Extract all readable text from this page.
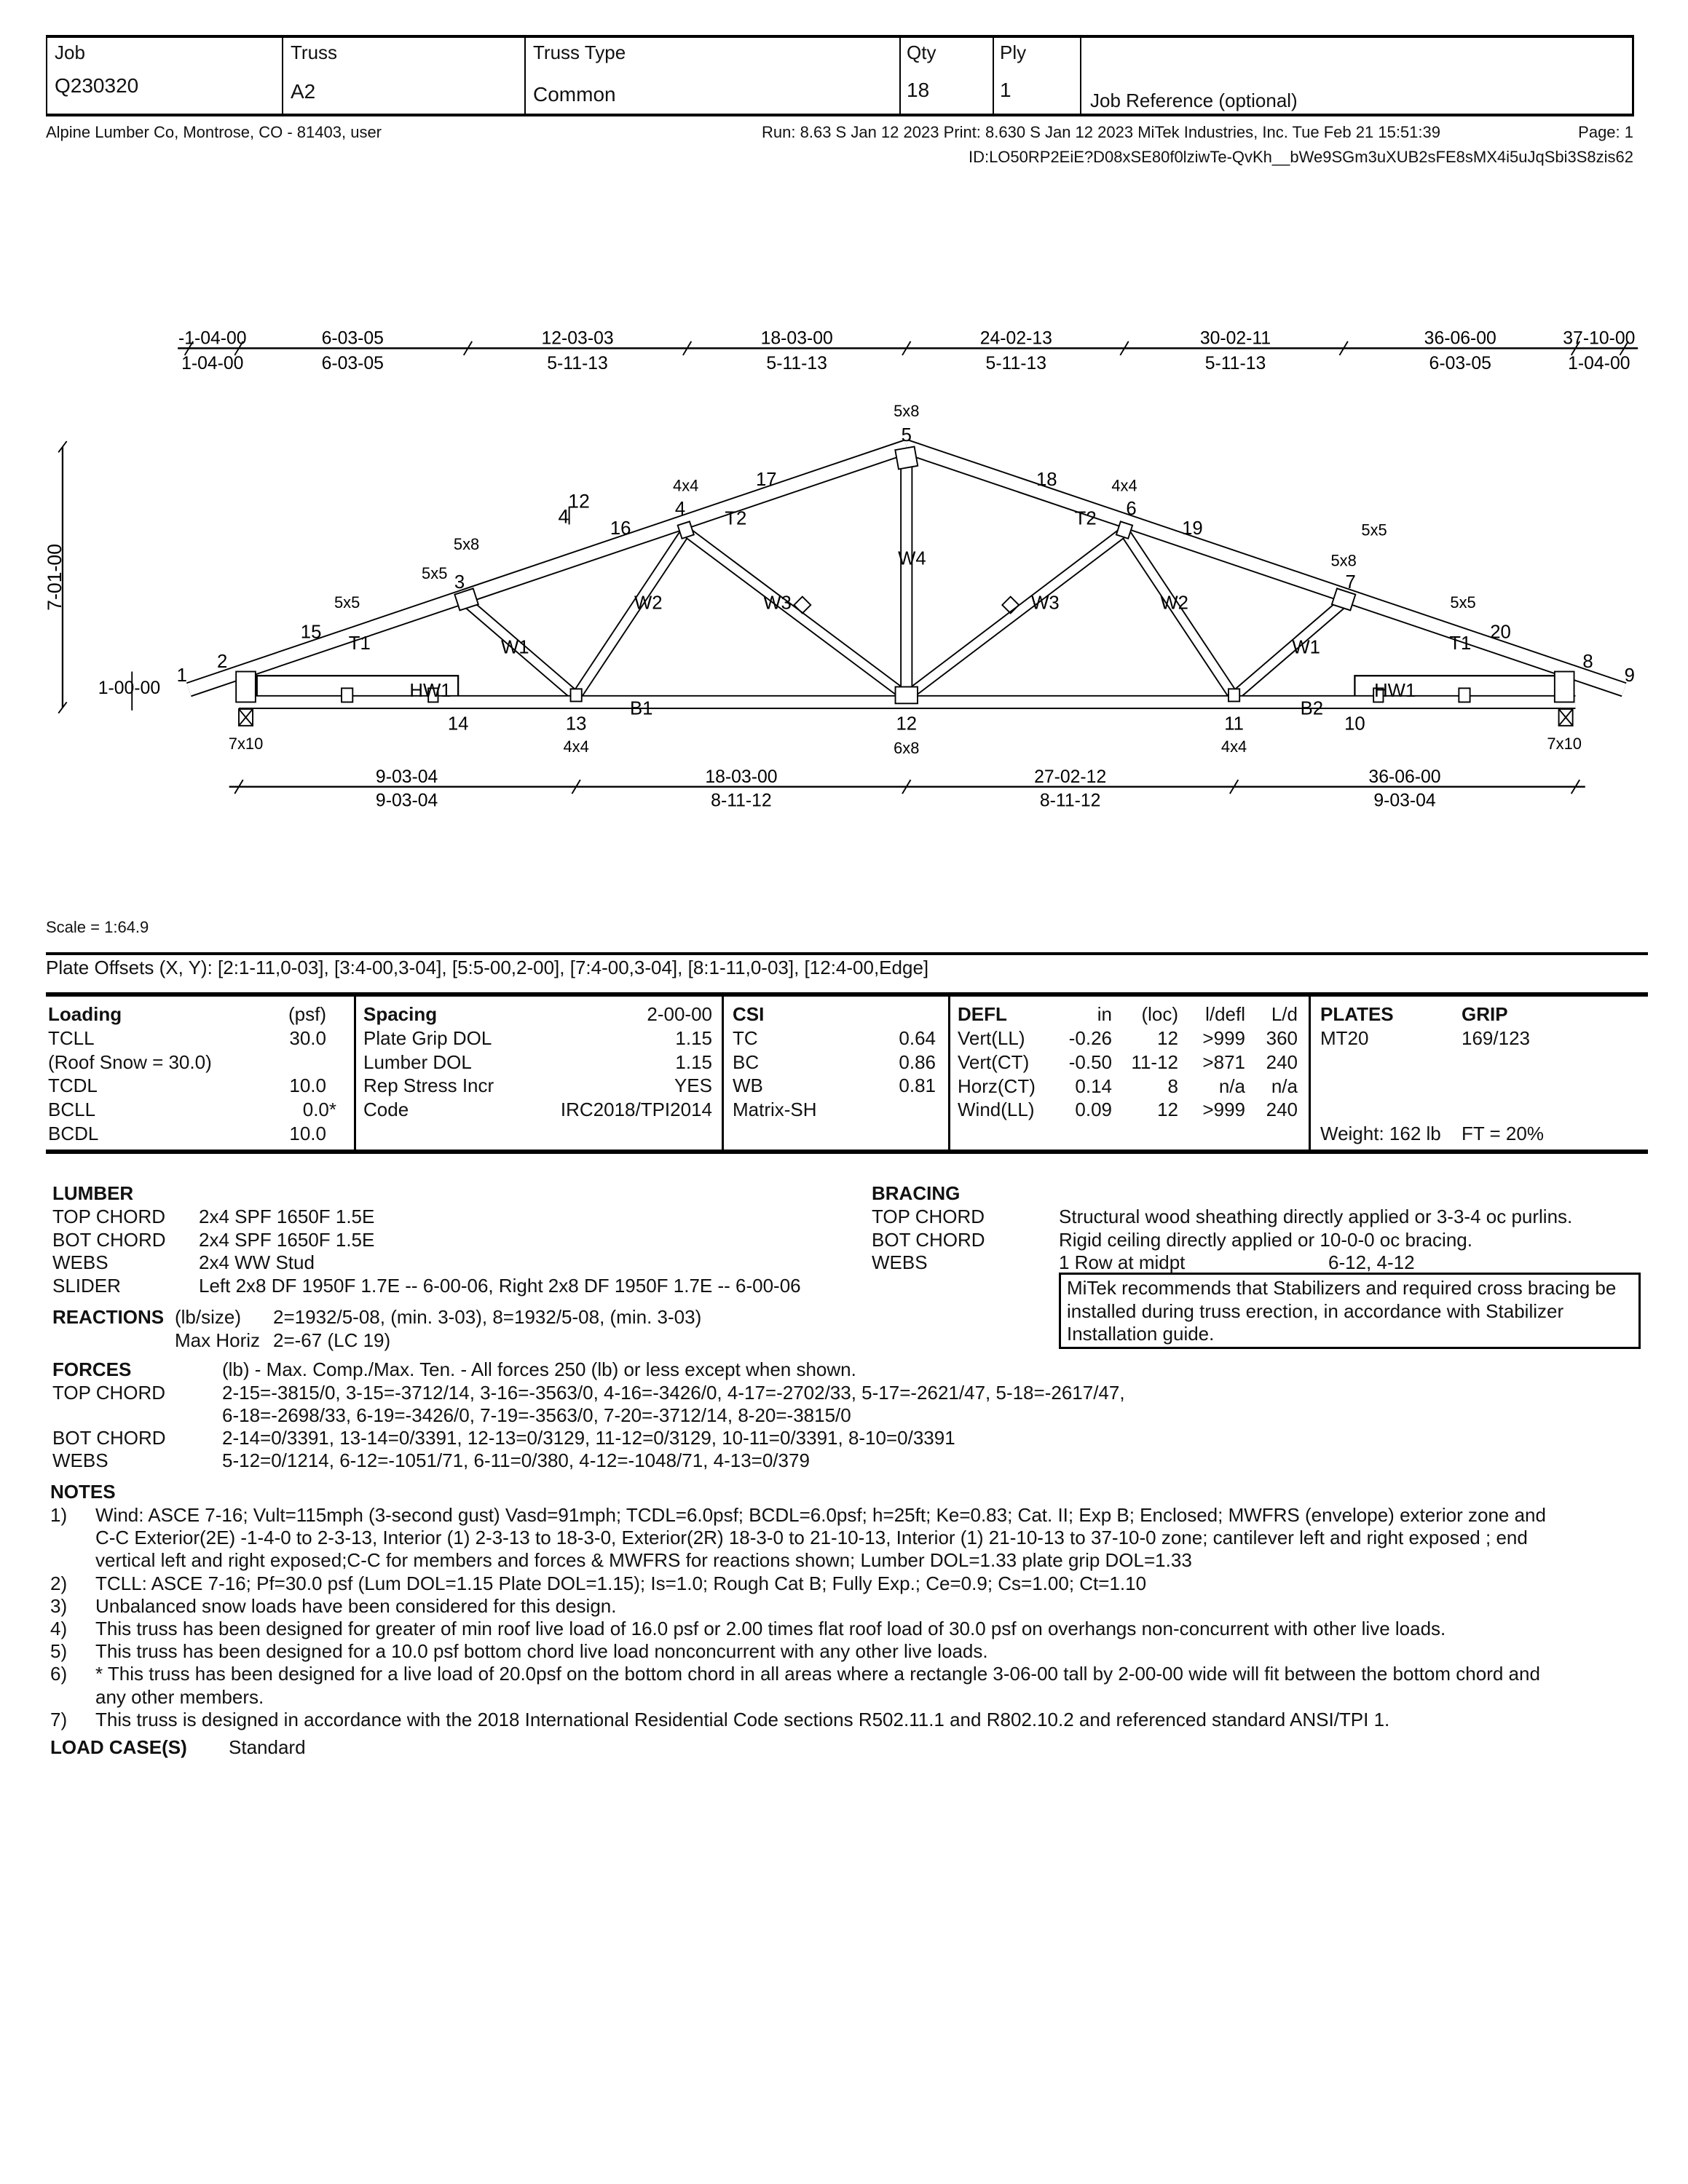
Job
Q230320
Truss
A2
Truss Type
Common
Qty
18
Ply
1	Job Reference (optional)
Alpine Lumber Co, Montrose, CO - 81403, user	Run: 8.63 S Jan 12 2023 Print: 8.630 S Jan 12 2023 MiTek Industries, Inc. Tue Feb 21 15:51:39	Page: 1
ID:LO50RP2EiE?D08xSE80f0lziwTe-QvKh__bWe9SGm3uXUB2sFE8sMX4i5uJqSbi3S8zis62
-1-04-00
1-04-00
6-03-05
6-03-05
12-03-03
5-11-13
18-03-00
5-11-13
24-02-13
5-11-13
30-02-11
5-11-13
36-06-00
6-03-05
37-10-00
1-04-00
9-03-04
9-03-04
18-03-00
8-11-12
27-02-12
8-11-12
36-06-00
9-03-04
7-01-00
1-00-00
12
4
5x8
5
4x4
4
17
T2
16
5x8
5x5 3
5x5
15
T1
2
1
W1
W2	W3
W4
18	4x4
6
T2	19	5x5
5x8
7
W3	W2
W1
5x5
20
T1
8
9
HW1	HW1
B1	B2
14	13	12	11	10
7x10	4x4	6x8	4x4	7x10
Scale = 1:64.9
Plate Offsets (X, Y): [2:1-11,0-03], [3:4-00,3-04], [5:5-00,2-00], [7:4-00,3-04], [8:1-11,0-03], [12:4-00,Edge]
Loading	(psf)
TCLL	30.0
(Roof Snow = 30.0)
TCDL	10.0
BCLL	0.0*
BCDL	10.0
Spacing	2-00-00
Plate Grip DOL	1.15
Lumber DOL	1.15
Rep Stress Incr	YES
Code	IRC2018/TPI2014
CSI
TC	0.64
BC	0.86
WB	0.81
Matrix-SH
DEFL	in (loc) l/defl L/d
Vert(LL) -0.26 12 >999 360
Vert(CT) -0.50 11-12 >871 240
Horz(CT) 0.14	8 n/a n/a
Wind(LL) 0.09 12 >999 240
PLATES	GRIP
MT20	169/123
Weight: 162 lb FT = 20%
LUMBER
TOP CHORD 2x4 SPF 1650F 1.5E
BOT CHORD 2x4 SPF 1650F 1.5E
WEBS	2x4 WW Stud
SLIDER	Left 2x8 DF 1950F 1.7E -- 6-00-06, Right 2x8 DF 1950F 1.7E -- 6-00-06
BRACING
TOP CHORD	Structural wood sheathing directly applied or 3-3-4 oc purlins.
BOT CHORD	Rigid ceiling directly applied or 10-0-0 oc bracing.
WEBS	1 Row at midpt	6-12, 4-12
MiTek recommends that Stabilizers and required cross bracing be
installed during truss erection, in accordance with Stabilizer
Installation guide.
REACTIONS (lb/size) 2=1932/5-08, (min. 3-03), 8=1932/5-08, (min. 3-03)
Max Horiz 2=-67 (LC 19)
FORCES	(lb) - Max. Comp./Max. Ten. - All forces 250 (lb) or less except when shown.
TOP CHORD	2-15=-3815/0, 3-15=-3712/14, 3-16=-3563/0, 4-16=-3426/0, 4-17=-2702/33, 5-17=-2621/47, 5-18=-2617/47,
6-18=-2698/33, 6-19=-3426/0, 7-19=-3563/0, 7-20=-3712/14, 8-20=-3815/0
BOT CHORD	2-14=0/3391, 13-14=0/3391, 12-13=0/3129, 11-12=0/3129, 10-11=0/3391, 8-10=0/3391
WEBS	5-12=0/1214, 6-12=-1051/71, 6-11=0/380, 4-12=-1048/71, 4-13=0/379
NOTES
1) Wind: ASCE 7-16; Vult=115mph (3-second gust) Vasd=91mph; TCDL=6.0psf; BCDL=6.0psf; h=25ft; Ke=0.83; Cat. II; Exp B; Enclosed; MWFRS (envelope) exterior zone and
C-C Exterior(2E) -1-4-0 to 2-3-13, Interior (1) 2-3-13 to 18-3-0, Exterior(2R) 18-3-0 to 21-10-13, Interior (1) 21-10-13 to 37-10-0 zone; cantilever left and right exposed ; end
vertical left and right exposed;C-C for members and forces & MWFRS for reactions shown; Lumber DOL=1.33 plate grip DOL=1.33
2) TCLL: ASCE 7-16; Pf=30.0 psf (Lum DOL=1.15 Plate DOL=1.15); Is=1.0; Rough Cat B; Fully Exp.; Ce=0.9; Cs=1.00; Ct=1.10
3) Unbalanced snow loads have been considered for this design.
4) This truss has been designed for greater of min roof live load of 16.0 psf or 2.00 times flat roof load of 30.0 psf on overhangs non-concurrent with other live loads.
5) This truss has been designed for a 10.0 psf bottom chord live load nonconcurrent with any other live loads.
6) * This truss has been designed for a live load of 20.0psf on the bottom chord in all areas where a rectangle 3-06-00 tall by 2-00-00 wide will fit between the bottom chord and
any other members.
7) This truss is designed in accordance with the 2018 International Residential Code sections R502.11.1 and R802.10.2 and referenced standard ANSI/TPI 1.
LOAD CASE(S) Standard
